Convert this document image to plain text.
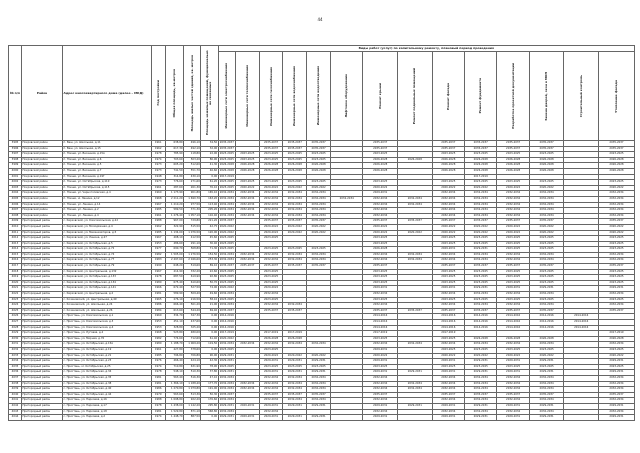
44
№ п/п	Район	Адрес многоквартирного дома (далее – МКД)	Год постройки	Общая площадь, кв.метров	Площадь жилых частей зданий, кв. метров	Площадь нежилых помещений, функционально не связанных	Виды работ (услуг) по капитальному ремонту, плановый период проведения													

							Инженерные сети электроснабжения	Инженерные сети теплоснабжения	Инженерные сети газоснабжения	Инженерные сети водоснабжения	Инженерные сети водоотведения	Лифтовое оборудование	Ремонт крыши	Ремонт подвальных помещений	Ремонт фасада	Ремонт фундамента	Разработка проектной документации	Замена дверей, окон в МОП	Строительный контроль	Утепление фасада

3995	Покровский район	п. Ваш, ул. Школьная, д.11	1961	638,80	496,10	34,50	2035-2037		2035-2037	2035-2037	2035-2037		2035-2037		2035-2037	2035-2037	2035-2037	2035-2037		2035-2037
3996	Покровский район	п. Ваш, ул. Школьная, д.15	1962	617,30	492,10	32,00	2035-2037		2035-2037	2035-2037	2035-2037		2035-2037		2035-2037	2035-2037	2035-2037	2035-2037		2035-2037
3997	Покровский район	п. Покши, ул. Весенняя, д.15А	1978	785,90	118,80	22,00	2023-2025	2023-2025	2023-2025	2023-2025	2023-2025		2023-2025		2023-2025	2023-2025	2023-2025	2023-2025		2023-2025
3998	Покровский район	п. Покши, ул. Весенняя, д.6	1974	703,60	503,20	80,90	2023-2025	2023-2025	2023-2025	2023-2025	2023-2025		2026-2028	2026-2028	2026-2028	2026-2028	2026-2028	2026-2028		2026-2028
3999	Покровский район	п. Покши, ул. Весенняя, д.5	1973	605,20	512,60	41,30	2026-2028	2026-2028	2026-2028	2026-2028	2026-2028		2026-2028		2026-2028	2026-2028	2026-2028	2026-2028		2026-2028
4000	Покровский район	п. Покши, ул. Весенняя, д.7	1973	741,50	551,70	46,60	2026-2028	2026-2028	2026-2028	2026-2028	2026-2028		2026-2028		2026-2028	2026-2028	2026-2028	2026-2028		2026-2028
4001	Покровский район	п. Покши, ул. Весенняя, д.19Г	1948	314,80	430,10	0,00	2017-2019									2017-2019				
4002	Покровский район	п. Покши, ул. Октябрьская, д.110	1973	776,60	271,60	61,20	2023-2025	2023-2025	2023-2025	2023-2025	2023-2025		2023-2025		2023-2025	2023-2025	2023-2025	2023-2025		2023-2025
4003	Покровский район	п. Покши, ул. Октябрьская, д.115	1961	287,60	261,30	76,10	2023-2025	2020-2022	2020-2022	2020-2022	2020-2022		2020-2022		2020-2022	2020-2022	2020-2022	2020-2022		2020-2022
4004	Покровский район	п. Покши, ул. Черноголовская, д.4	1960	1 173,90	901,80	165,10	2032-2034	2032-2034	2032-2034	2032-2034	2032-2034		2029-2031		2032-2034	2032-2034	2032-2034	2032-2034		2032-2034
4005	Покровский район	п. Покши, ul. Ленина, д.12	1968	2 211,20	1 690,70	163,20	2032-2034	2032-2034	2032-2034	2032-2034	2032-2034	2032-2034	2032-2034	2032-2034	2032-2034	2032-2034	2032-2034	2032-2034		2032-2034
4006	Покровский район	п. Покши, ул. Ленина, д.14	1967	1 210,20	977,50	113,40	2032-2034	2032-2034	2032-2034	2032-2034	2032-2034		2032-2034	2032-2034	2032-2034	2032-2034	2032-2034	2032-2034		2032-2034
4007	Покровский район	п. Покши, ул. Ленина, д.2	1985	589,50	371,30	205,20	2032-2034	2032-2034	2032-2034	2032-2034	2032-2034		2032-2034		2032-2034	2032-2034	2032-2034	2032-2034		2032-2034
4008	Покровский район	п. Покши, ул. Ленина, д.4	1961	1 276,40	1 057,10	116,40	2032-2034	2032-2034	2032-2034	2032-2034	2032-2034		2032-2034		2032-2034	2032-2034	2032-2034	2032-2034		2032-2034
4009	Пригородный район	с. Кирзовский, ул. Комсомольская, д.22	1988	967,00	729,80	221,20	2035-2037		2035-2037	2035-2037	2035-2037		2035-2037	2035-2037	2035-2037	2035-2037	2035-2037	2035-2037		2035-2037
4010	Пригородный район	с. Кирзовский, ул. Молодёжная, д.4	1962	322,90	515,50	42,75	2020-2022		2020-2022	2020-2022	2020-2022		2020-2022		2020-2022	2020-2022	2020-2022	2020-2022		2020-2022
4011	Пригородный район	с. Кирзовский, ул. Механизаторов, д.5	1985	1 134,00	1 076,50	120,00	2020-2022		2020-2022	2020-2022	2020-2022		2020-2022	2020-2022	2020-2022	2020-2022	2020-2022	2020-2022		2020-2022
4012	Пригородный район	с. Кирзовский, ул. Ленина, д.27	1967	408,10	412,50	45,60	2023-2025		2023-2025				2023-2025		2023-2025	2023-2025	2023-2025	2023-2025		2023-2025
4013	Пригородный район	с. Кирзовский, ул. Октябрьская, д.5	1953	486,60	291,10	30,40	2023-2025						2023-2025		2023-2025	2023-2025	2023-2025	2023-2025		2023-2025
4014	Пригородный район	с. Кирзовский, ул. Октябрьская, д.72	1977	690,70	568,80	71,30	2023-2025		2023-2025	2023-2025	2023-2025		2026-2028		2029-2031	2029-2031	2023-2025	2023-2025		2023-2025
4015	Пригородный район	с. Кирзовский, ул. Октябрьская, д.74	1982	1 505,00	1 276,50	154,50	2032-2034	2032-2034	2032-2034	2032-2034	2032-2034		2032-2034	2032-2034	2032-2034	2032-2034	2032-2034	2032-2034		2032-2034
4016	Пригородный район	с. Кирзовский, ул. Октябрьская, д.77	1983	2 497,60	2 046,60	253,30	2032-2034	2032-2034	2032-2034	2032-2034	2032-2034		2032-2034	2032-2034	2032-2034	2032-2034	2032-2034	2032-2034		2032-2034
4017	Пригородный район	с. Кирзовский, ул. Октябрьская, д.79	1990	648,20	519,60	89,10	2035-2037	2035-2037	2035-2037	2035-2037	2035-2037		2035-2037		2035-2037	2035-2037	2035-2037	2035-2037		2035-2037
4018	Пригородный район	с. Кирзовский, ул. Центральная, д.132	1967	414,90	332,20	22,60	2023-2025		2023-2025				2023-2025		2023-2025	2023-2025	2023-2025	2023-2025		2023-2025
4019	Пригородный район	с. Кирзовский, ул. Октябрьская, д.133	1978	687,50	619,90	92,80	2023-2025		2023-2025				2023-2025		2023-2025	2023-2025	2023-2025	2023-2025		2023-2025
4020	Пригородный район	с. Кирзовский, ул. Октябрьская, д.134	1980	675,40	610,60	50,70	2023-2025		2023-2025				2023-2025		2023-2025	2023-2025	2023-2025	2023-2025		2023-2025
4021	Пригородный район	с. Кирзовский, ул. Октябрьская, д.141	1966	672,40	527,50	74,00	2020-2022		2020-2022				2029-2031		2029-2031	2029-2031	2029-2031	2029-2031		2029-2031
4022	Пригородный район	с. Кирзовский, ул. Центральная, д.2	1981	589,90	509,40	49,60	2032-2034		2032-2034				2032-2034		2032-2034	2032-2034	2032-2034	2032-2034		2032-2034
4023	Пригородный район	с. Кочиновский, ул. Центральная, д.49	1965	276,10	216,50	58,10	2023-2025		2023-2025				2023-2025		2023-2025	2023-2025	2023-2025	2023-2025		2023-2025
4024	Пригородный район	с. Кочиновский, ул. Школьная, д.24	1986	666,40	561,20	21,00	2032-2034		2032-2034	2032-2034			2032-2034		2032-2034	2032-2034	2032-2034	2032-2034		2032-2034
4025	Пригородный район	с. Кочиновский, ул. Школьная, д.26	1984	613,60	544,20	69,40	2035-2037		2035-2037	2035-2037			2035-2037	2035-2037	2035-2037	2035-2037	2035-2037	2035-2037		2035-2037
4026	Пригородный район	с. Пристань, ул. Комсомольская, д.1	1960	334,70	347,30	0,00	2014-2016						2014-2016		2014-2016	2014-2016	2014-2016	2014-2016	2014-2016	
4027	Пригородный район	с. Пристань, ул. Комсомольская, д.3	1953	451,10	437,60	0,00	2014-2016						2014-2016		2014-2016	2014-2016	2014-2016	2014-2016	2014-2016	
4028	Пригородный район	с. Пристань, ул. Комсомольская, д.4	1953	328,80	325,20	0,00	2014-2016						2014-2016		2014-2016	2014-2016	2014-2016	2014-2016	2014-2016	
4029	Пригородный район	с. Пристань, ул. Луговая, д.4	1968	523,80	480,00	0,00	2017-2019		2017-2019	2017-2019			2017-2019		2017-2019					2017-2019
4030	Пригородный район	с. Пристань, ул. Мирная, д.76	1982	774,60	712,60	61,40	2020-2022		2026-2028	2026-2028			2023-2025		2023-2025	2026-2028	2026-2028	2026-2028		2026-2028
4031	Пригородный район	с. Пристань, ул. Октябрьская, д.15А	1980	1 188,70	1 069,20	119,50	2032-2034	2032-2034	2032-2034	2032-2034	2032-2034		2032-2034	2032-2034	2032-2034	2032-2034	2032-2034	2032-2034		2032-2034
4032	Пригородный район	с. Пристань, ул. Октябрьская, д.19	1961	427,80	378,60	0,00	2023-2025		2023-2025				2029-2031		2023-2025	2023-2025	2023-2025	2023-2025		2023-2025
4033	Пригородный район	с. Пристань, ул. Октябрьская, д.21	1985	796,80	706,80	90,00	2029-2031		2020-2022	2020-2022	2020-2022		2020-2022		2020-2022	2020-2022	2020-2022	2020-2022		2020-2022
4034	Пригородный район	с. Пристань, ул. Октябрьская, д.23	1976	466,40	424,10	42,30	2029-2031		2029-2031	2029-2031	2029-2031		2029-2031		2029-2031	2029-2031	2029-2031	2029-2031		2029-2031
4035	Пригородный район	с. Пристань, ul. Октябрьская, д.25	1974	710,80	631,90	78,90	2023-2025		2023-2025	2023-2025	2023-2025		2023-2025		2023-2025	2023-2025	2023-2025	2023-2025		2023-2025
4036	Пригородный район	с. Пристань, ул. Октябрьская, д.34	1978	548,10	510,30	37,80	2029-2031		2029-2031	2029-2031	2029-2031		2029-2031	2029-2031	2029-2031	2029-2031	2029-2031	2029-2031		2029-2031
4037	Пригородный район	с. Пристань, ул. Октябрьская, д.35	1981	563,40	516,30	47,10	2032-2034		2032-2034	2032-2034	2032-2034		2032-2034		2032-2034	2032-2034	2032-2034	2032-2034		2032-2034
4038	Пригородный район	с. Пристань, ул. Октябрьская, д.38	1981	1 366,10	1 188,40	177,70	2032-2034	2032-2034	2032-2034	2032-2034	2032-2034		2032-2034	2032-2034	2032-2034	2032-2034	2032-2034	2032-2034		2032-2034
4039	Пригородный район	с. Пристань, ул. Октябрьская, д.40	1986	1 270,80	1 079,80	191,00	2032-2034	2032-2034	2032-2034	2032-2034	2032-2034		2032-2034	2032-2034	2032-2034	2032-2034	2032-2034	2032-2034		2032-2034
4040	Пригородный район	с. Пристань, ул. Октябрьская, д.44	1979	563,60	513,30	50,30	2035-2037		2035-2037	2035-2037	2035-2037		2035-2037		2035-2037	2035-2037	2035-2037	2035-2037		2035-2037
4041	Пригородный район	с. Пристань, ул. Парковая, д.16	1988	1 098,80	922,20	176,60	2032-2034		2032-2034	2032-2034	2032-2034		2032-2034		2032-2034	2032-2034	2032-2034	2032-2034		2032-2034
4042	Пригородный район	с. Пристань, ул. Парковая, д.17	1978	1 438,00	1 142,20	295,80	2029-2031	2029-2031	2029-2031	2029-2031	2029-2031		2029-2031	2029-2031	2029-2031	2029-2031	2029-2031	2029-2031		2029-2031
4043	Пригородный район	с. Пристань, ул. Парковая, д.18	1981	1 529,80	871,10	568,80	2032-2034		2032-2034				2032-2034		2032-2034	2032-2034	2032-2034	2032-2034		2032-2034
4044	Пригородный район	с. Пристань, ул. Парковая, д.2	1974	1 448,70	887,50	0,00	2029-2031	2029-2031	2029-2031	2029-2031	2029-2031		2029-2031		2029-2031	2029-2031	2029-2031	2029-2031		2029-2031
